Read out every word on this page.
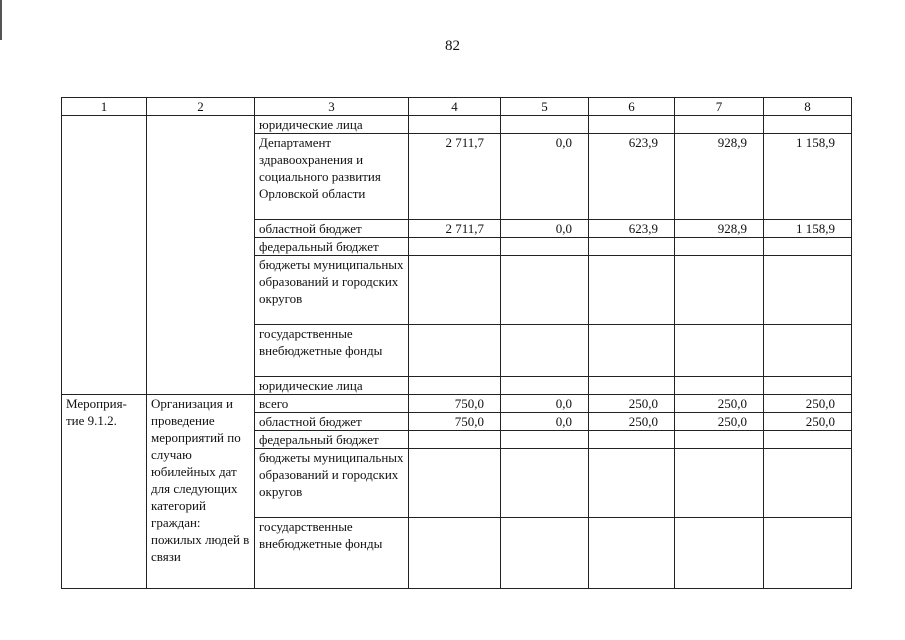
82
1	2	3	4	5	6	7	8
		юридические лица					
		Департамент здравоохранения и социального развития Орловской области	2 711,7	0,0	623,9	928,9	1 158,9
		областной бюджет	2 711,7	0,0	623,9	928,9	1 158,9
		федеральный бюджет					
		бюджеты муниципальных образований и городских округов					
		государственные внебюджетные фонды					
		юридические лица					
Мероприя-тие 9.1.2.	Организация и проведение мероприятий по случаю юбилейных дат для следующих категорий граждан: пожилых людей в связи	всего	750,0	0,0	250,0	250,0	250,0
		областной бюджет	750,0	0,0	250,0	250,0	250,0
		федеральный бюджет					
		бюджеты муниципальных образований и городских округов					
		государственные внебюджетные фонды					
